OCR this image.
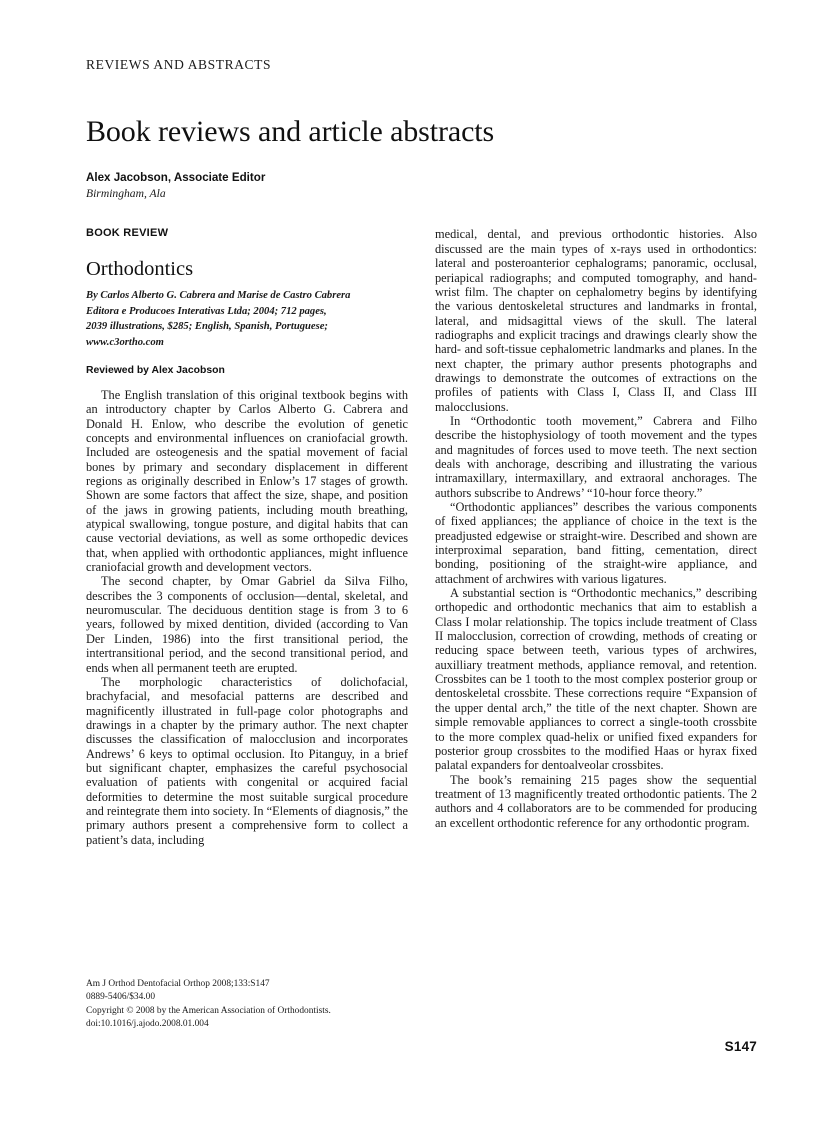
REVIEWS AND ABSTRACTS
Book reviews and article abstracts
Alex Jacobson, Associate Editor
Birmingham, Ala
BOOK REVIEW
Orthodontics
By Carlos Alberto G. Cabrera and Marise de Castro Cabrera
Editora e Producoes Interativas Ltda; 2004; 712 pages,
2039 illustrations, $285; English, Spanish, Portuguese;
www.c3ortho.com
Reviewed by Alex Jacobson

The English translation of this original textbook begins with an introductory chapter by Carlos Alberto G. Cabrera and Donald H. Enlow, who describe the evolution of genetic concepts and environmental influences on craniofacial growth. Included are osteogenesis and the spatial movement of facial bones by primary and secondary displacement in different regions as originally described in Enlow’s 17 stages of growth. Shown are some factors that affect the size, shape, and position of the jaws in growing patients, including mouth breathing, atypical swallowing, tongue posture, and digital habits that can cause vectorial deviations, as well as some orthopedic devices that, when applied with orthodontic appliances, might influence craniofacial growth and development vectors.

The second chapter, by Omar Gabriel da Silva Filho, describes the 3 components of occlusion—dental, skeletal, and neuromuscular. The deciduous dentition stage is from 3 to 6 years, followed by mixed dentition, divided (according to Van Der Linden, 1986) into the first transitional period, the intertransitional period, and the second transitional period, and ends when all permanent teeth are erupted.

The morphologic characteristics of dolichofacial, brachyfacial, and mesofacial patterns are described and magnificently illustrated in full-page color photographs and drawings in a chapter by the primary author. The next chapter discusses the classification of malocclusion and incorporates Andrews’ 6 keys to optimal occlusion. Ito Pitanguy, in a brief but significant chapter, emphasizes the careful psychosocial evaluation of patients with congenital or acquired facial deformities to determine the most suitable surgical procedure and reintegrate them into society. In “Elements of diagnosis,” the primary authors present a comprehensive form to collect a patient’s data, including

medical, dental, and previous orthodontic histories. Also discussed are the main types of x-rays used in orthodontics: lateral and posteroanterior cephalograms; panoramic, occlusal, periapical radiographs; and computed tomography, and hand-wrist film. The chapter on cephalometry begins by identifying the various dentoskeletal structures and landmarks in frontal, lateral, and midsagittal views of the skull. The lateral radiographs and explicit tracings and drawings clearly show the hard- and soft-tissue cephalometric landmarks and planes. In the next chapter, the primary author presents photographs and drawings to demonstrate the outcomes of extractions on the profiles of patients with Class I, Class II, and Class III malocclusions.

In “Orthodontic tooth movement,” Cabrera and Filho describe the histophysiology of tooth movement and the types and magnitudes of forces used to move teeth. The next section deals with anchorage, describing and illustrating the various intramaxillary, intermaxillary, and extraoral anchorages. The authors subscribe to Andrews’ “10-hour force theory.”

“Orthodontic appliances” describes the various components of fixed appliances; the appliance of choice in the text is the preadjusted edgewise or straight-wire. Described and shown are interproximal separation, band fitting, cementation, direct bonding, positioning of the straight-wire appliance, and attachment of archwires with various ligatures.

A substantial section is “Orthodontic mechanics,” describing orthopedic and orthodontic mechanics that aim to establish a Class I molar relationship. The topics include treatment of Class II malocclusion, correction of crowding, methods of creating or reducing space between teeth, various types of archwires, auxilliary treatment methods, appliance removal, and retention. Crossbites can be 1 tooth to the most complex posterior group or dentoskeletal crossbite. These corrections require “Expansion of the upper dental arch,” the title of the next chapter. Shown are simple removable appliances to correct a single-tooth crossbite to the more complex quad-helix or unified fixed expanders for posterior group crossbites to the modified Haas or hyrax fixed palatal expanders for dentoalveolar crossbites.

The book’s remaining 215 pages show the sequential treatment of 13 magnificently treated orthodontic patients. The 2 authors and 4 collaborators are to be commended for producing an excellent orthodontic reference for any orthodontic program.

Am J Orthod Dentofacial Orthop 2008;133:S147
0889-5406/$34.00
Copyright © 2008 by the American Association of Orthodontists.
doi:10.1016/j.ajodo.2008.01.004
S147
